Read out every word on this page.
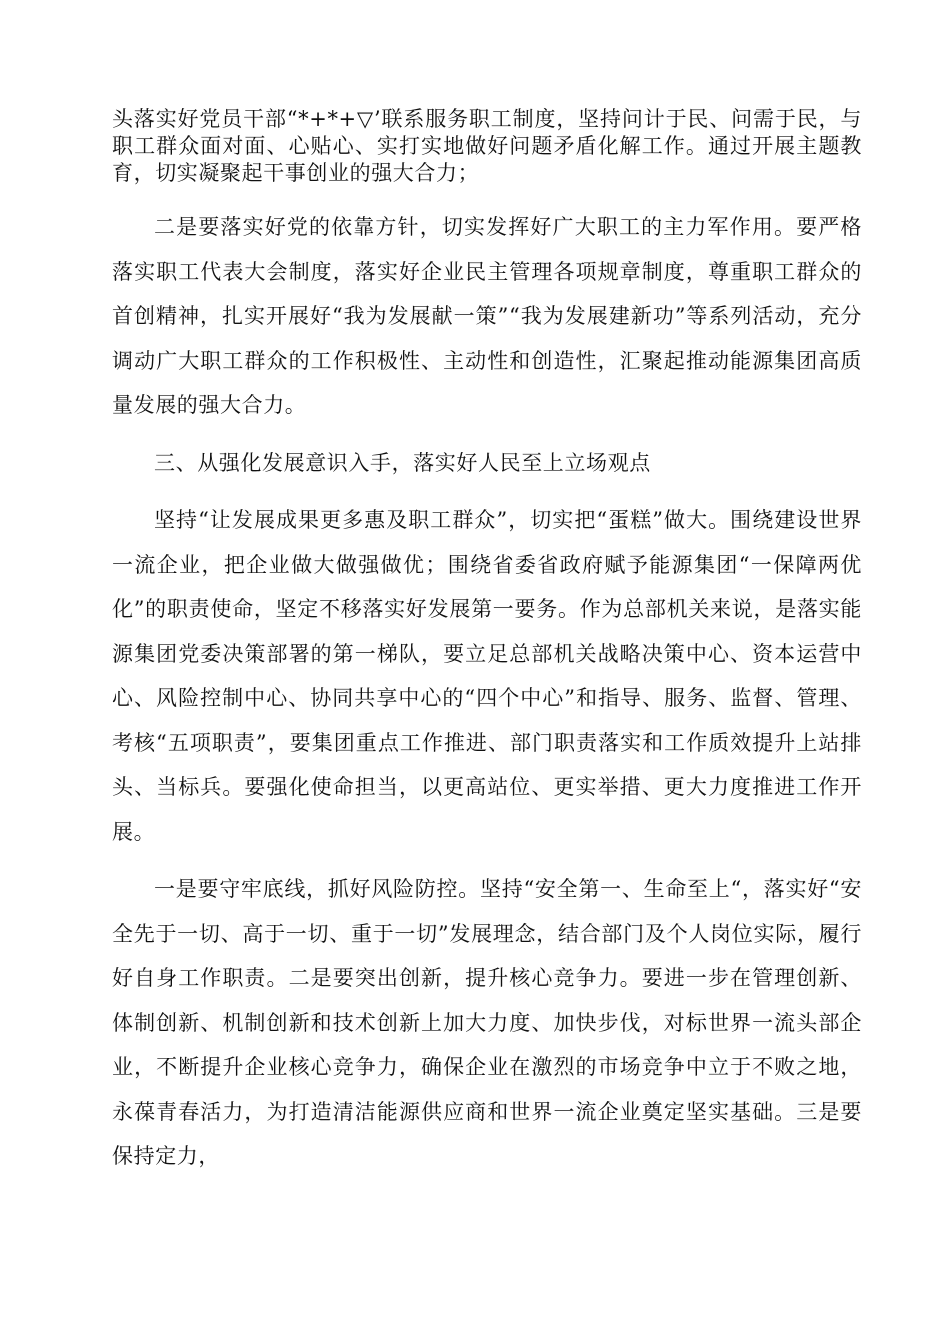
头落实好党员干部“*+*+▽’联系服务职工制度，坚持问计于民、问需于民，与职工群众面对面、心贴心、实打实地做好问题矛盾化解工作。通过开展主题教育，切实凝聚起干事创业的强大合力；

二是要落实好党的依靠方针，切实发挥好广大职工的主力军作用。要严格落实职工代表大会制度，落实好企业民主管理各项规章制度，尊重职工群众的首创精神，扎实开展好“我为发展献一策”“我为发展建新功”等系列活动，充分调动广大职工群众的工作积极性、主动性和创造性，汇聚起推动能源集团高质量发展的强大合力。

三、从强化发展意识入手，落实好人民至上立场观点

坚持“让发展成果更多惠及职工群众”，切实把“蛋糕”做大。围绕建设世界一流企业，把企业做大做强做优；围绕省委省政府赋予能源集团“一保障两优化”的职责使命，坚定不移落实好发展第一要务。作为总部机关来说，是落实能源集团党委决策部署的第一梯队，要立足总部机关战略决策中心、资本运营中心、风险控制中心、协同共享中心的“四个中心”和指导、服务、监督、管理、考核“五项职责”，要集团重点工作推进、部门职责落实和工作质效提升上站排头、当标兵。要强化使命担当，以更高站位、更实举措、更大力度推进工作开展。

一是要守牢底线，抓好风险防控。坚持“安全第一、生命至上“，落实好“安全先于一切、高于一切、重于一切”发展理念，结合部门及个人岗位实际，履行好自身工作职责。二是要突出创新，提升核心竞争力。要进一步在管理创新、体制创新、机制创新和技术创新上加大力度、加快步伐，对标世界一流头部企业，不断提升企业核心竞争力，确保企业在激烈的市场竞争中立于不败之地，永葆青春活力，为打造清洁能源供应商和世界一流企业奠定坚实基础。三是要保持定力，
